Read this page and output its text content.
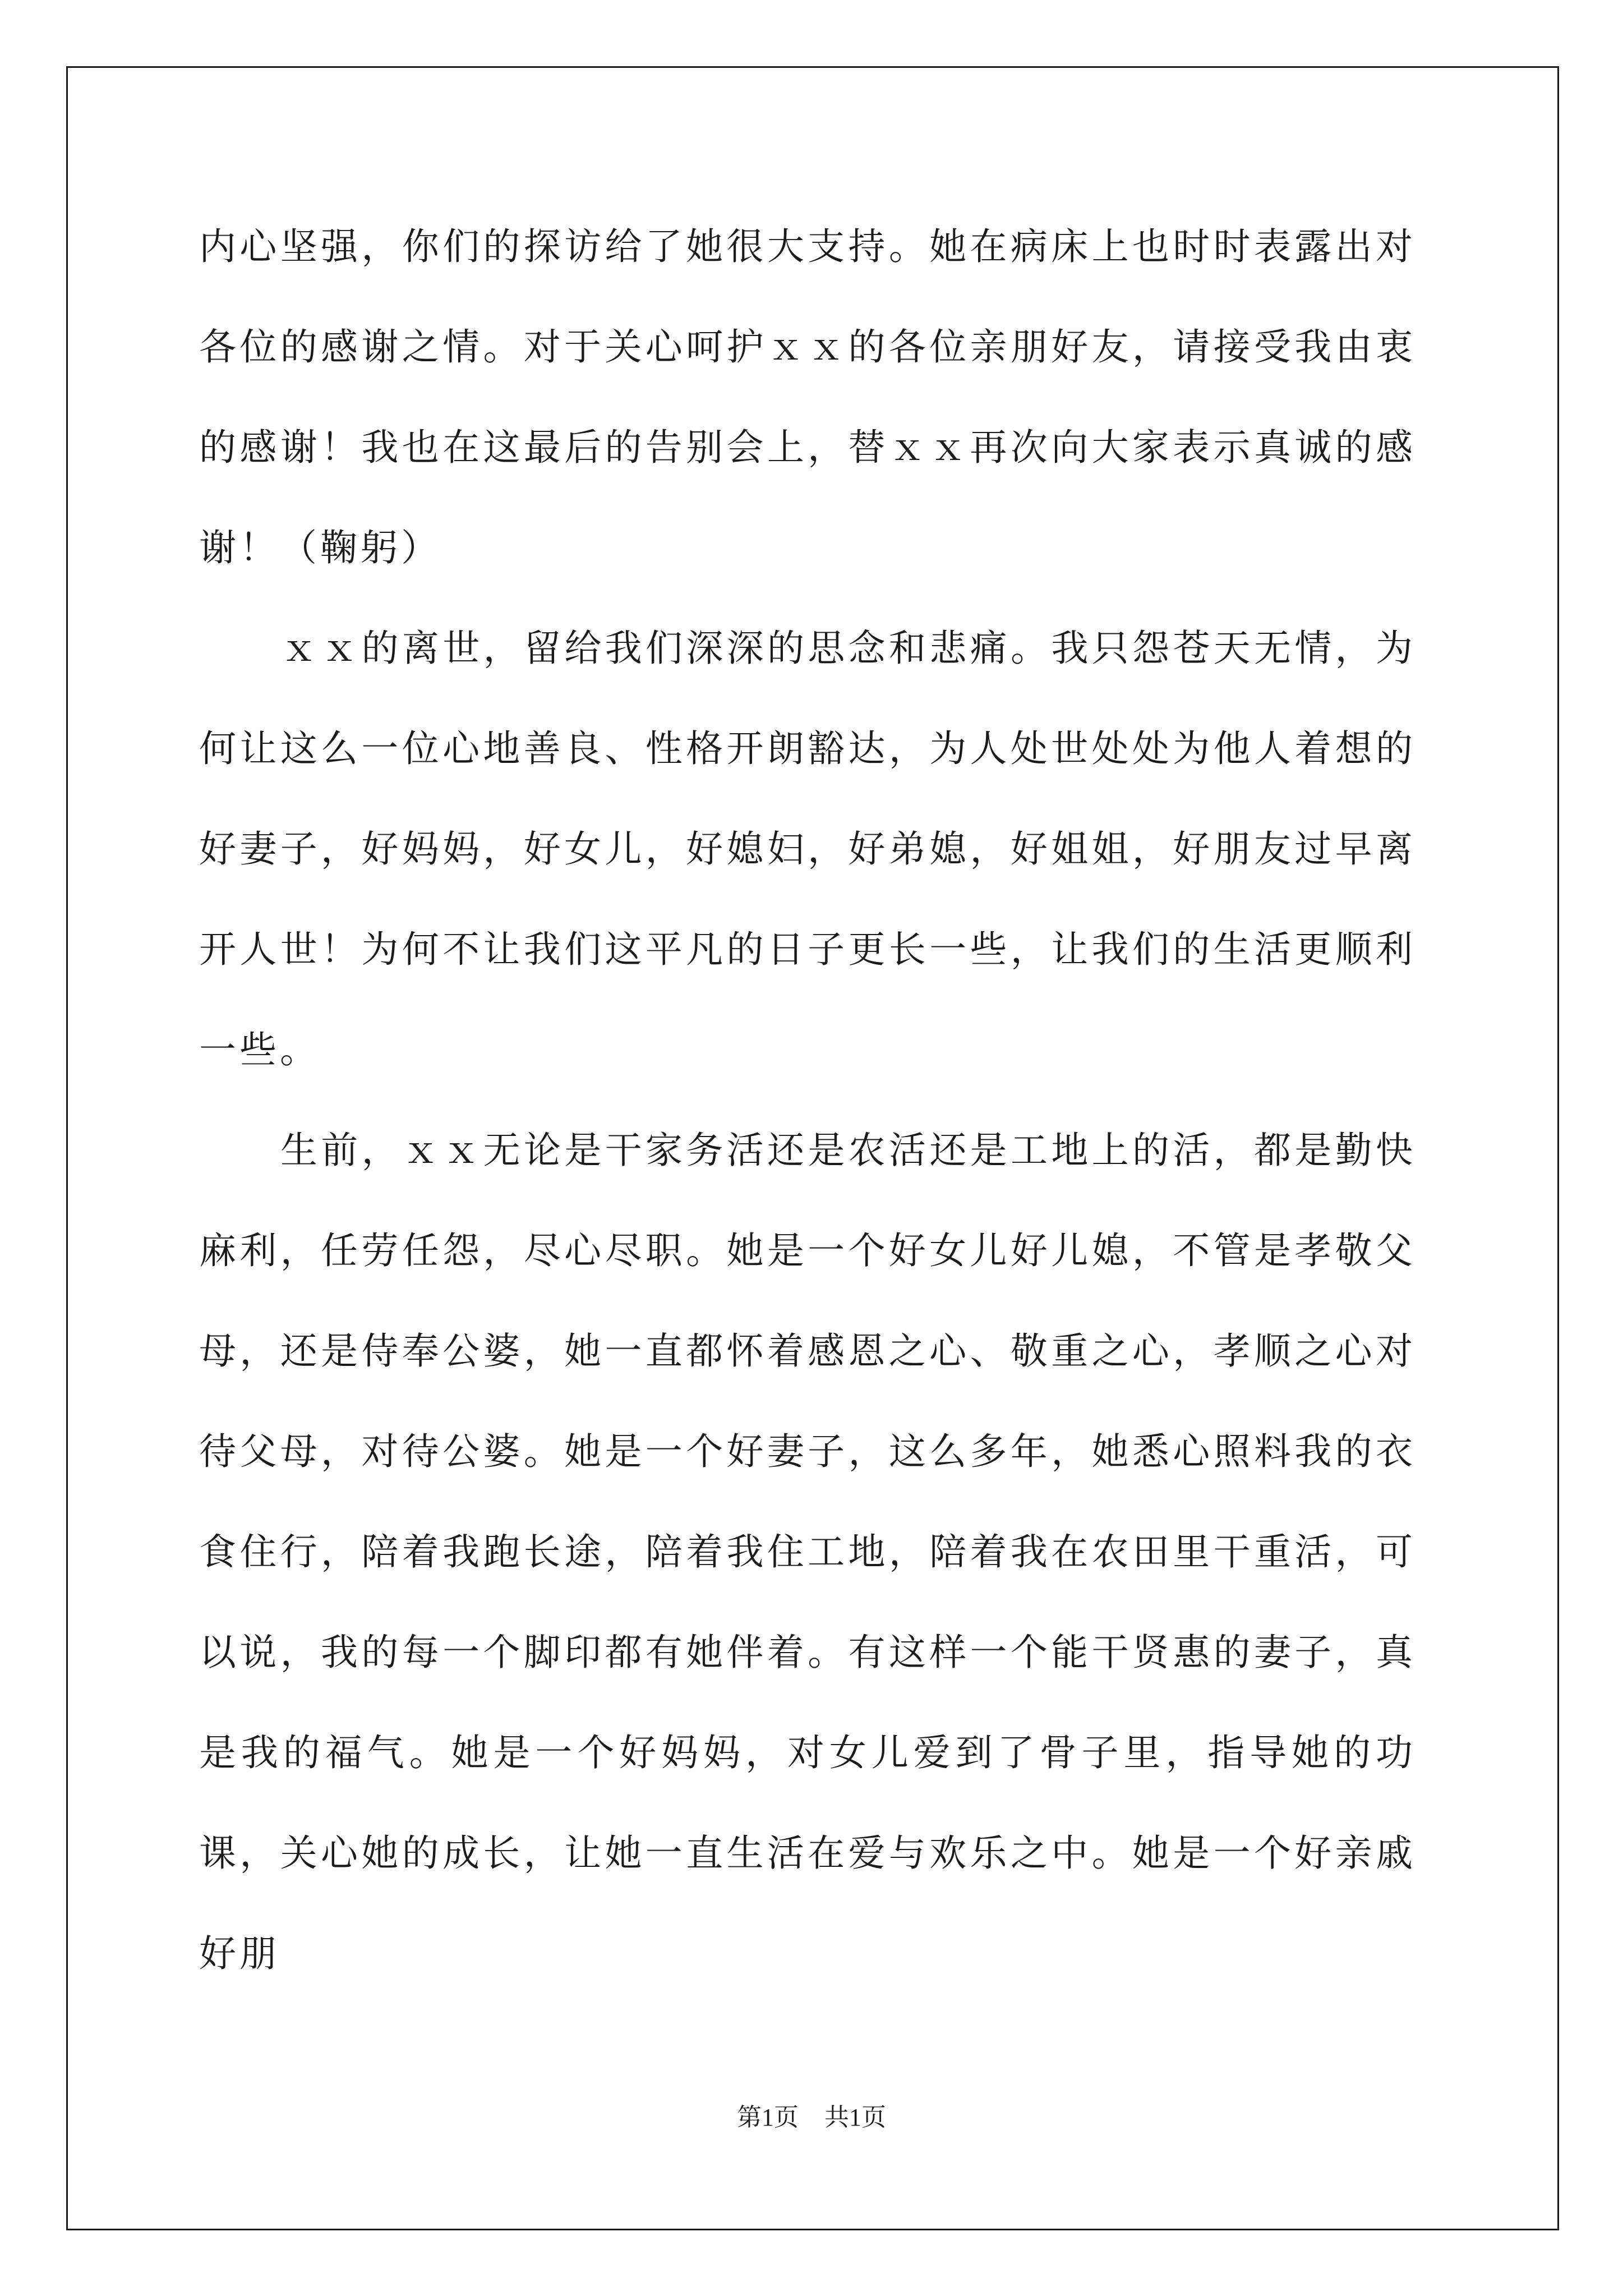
内心坚强，你们的探访给了她很大支持。她在病床上也时时表露出对各位的感谢之情。对于关心呵护ｘｘ的各位亲朋好友，请接受我由衷的感谢！我也在这最后的告别会上，替ｘｘ再次向大家表示真诚的感谢！（鞠躬）

ｘｘ的离世，留给我们深深的思念和悲痛。我只怨苍天无情，为何让这么一位心地善良、性格开朗豁达，为人处世处处为他人着想的好妻子，好妈妈，好女儿，好媳妇，好弟媳，好姐姐，好朋友过早离开人世！为何不让我们这平凡的日子更长一些，让我们的生活更顺利一些。

生前，ｘｘ无论是干家务活还是农活还是工地上的活，都是勤快麻利，任劳任怨，尽心尽职。她是一个好女儿好儿媳，不管是孝敬父母，还是侍奉公婆，她一直都怀着感恩之心、敬重之心，孝顺之心对待父母，对待公婆。她是一个好妻子，这么多年，她悉心照料我的衣食住行，陪着我跑长途，陪着我住工地，陪着我在农田里干重活，可以说，我的每一个脚印都有她伴着。有这样一个能干贤惠的妻子，真是我的福气。她是一个好妈妈，对女儿爱到了骨子里，指导她的功课，关心她的成长，让她一直生活在爱与欢乐之中。她是一个好亲戚好朋

第1页 共1页
